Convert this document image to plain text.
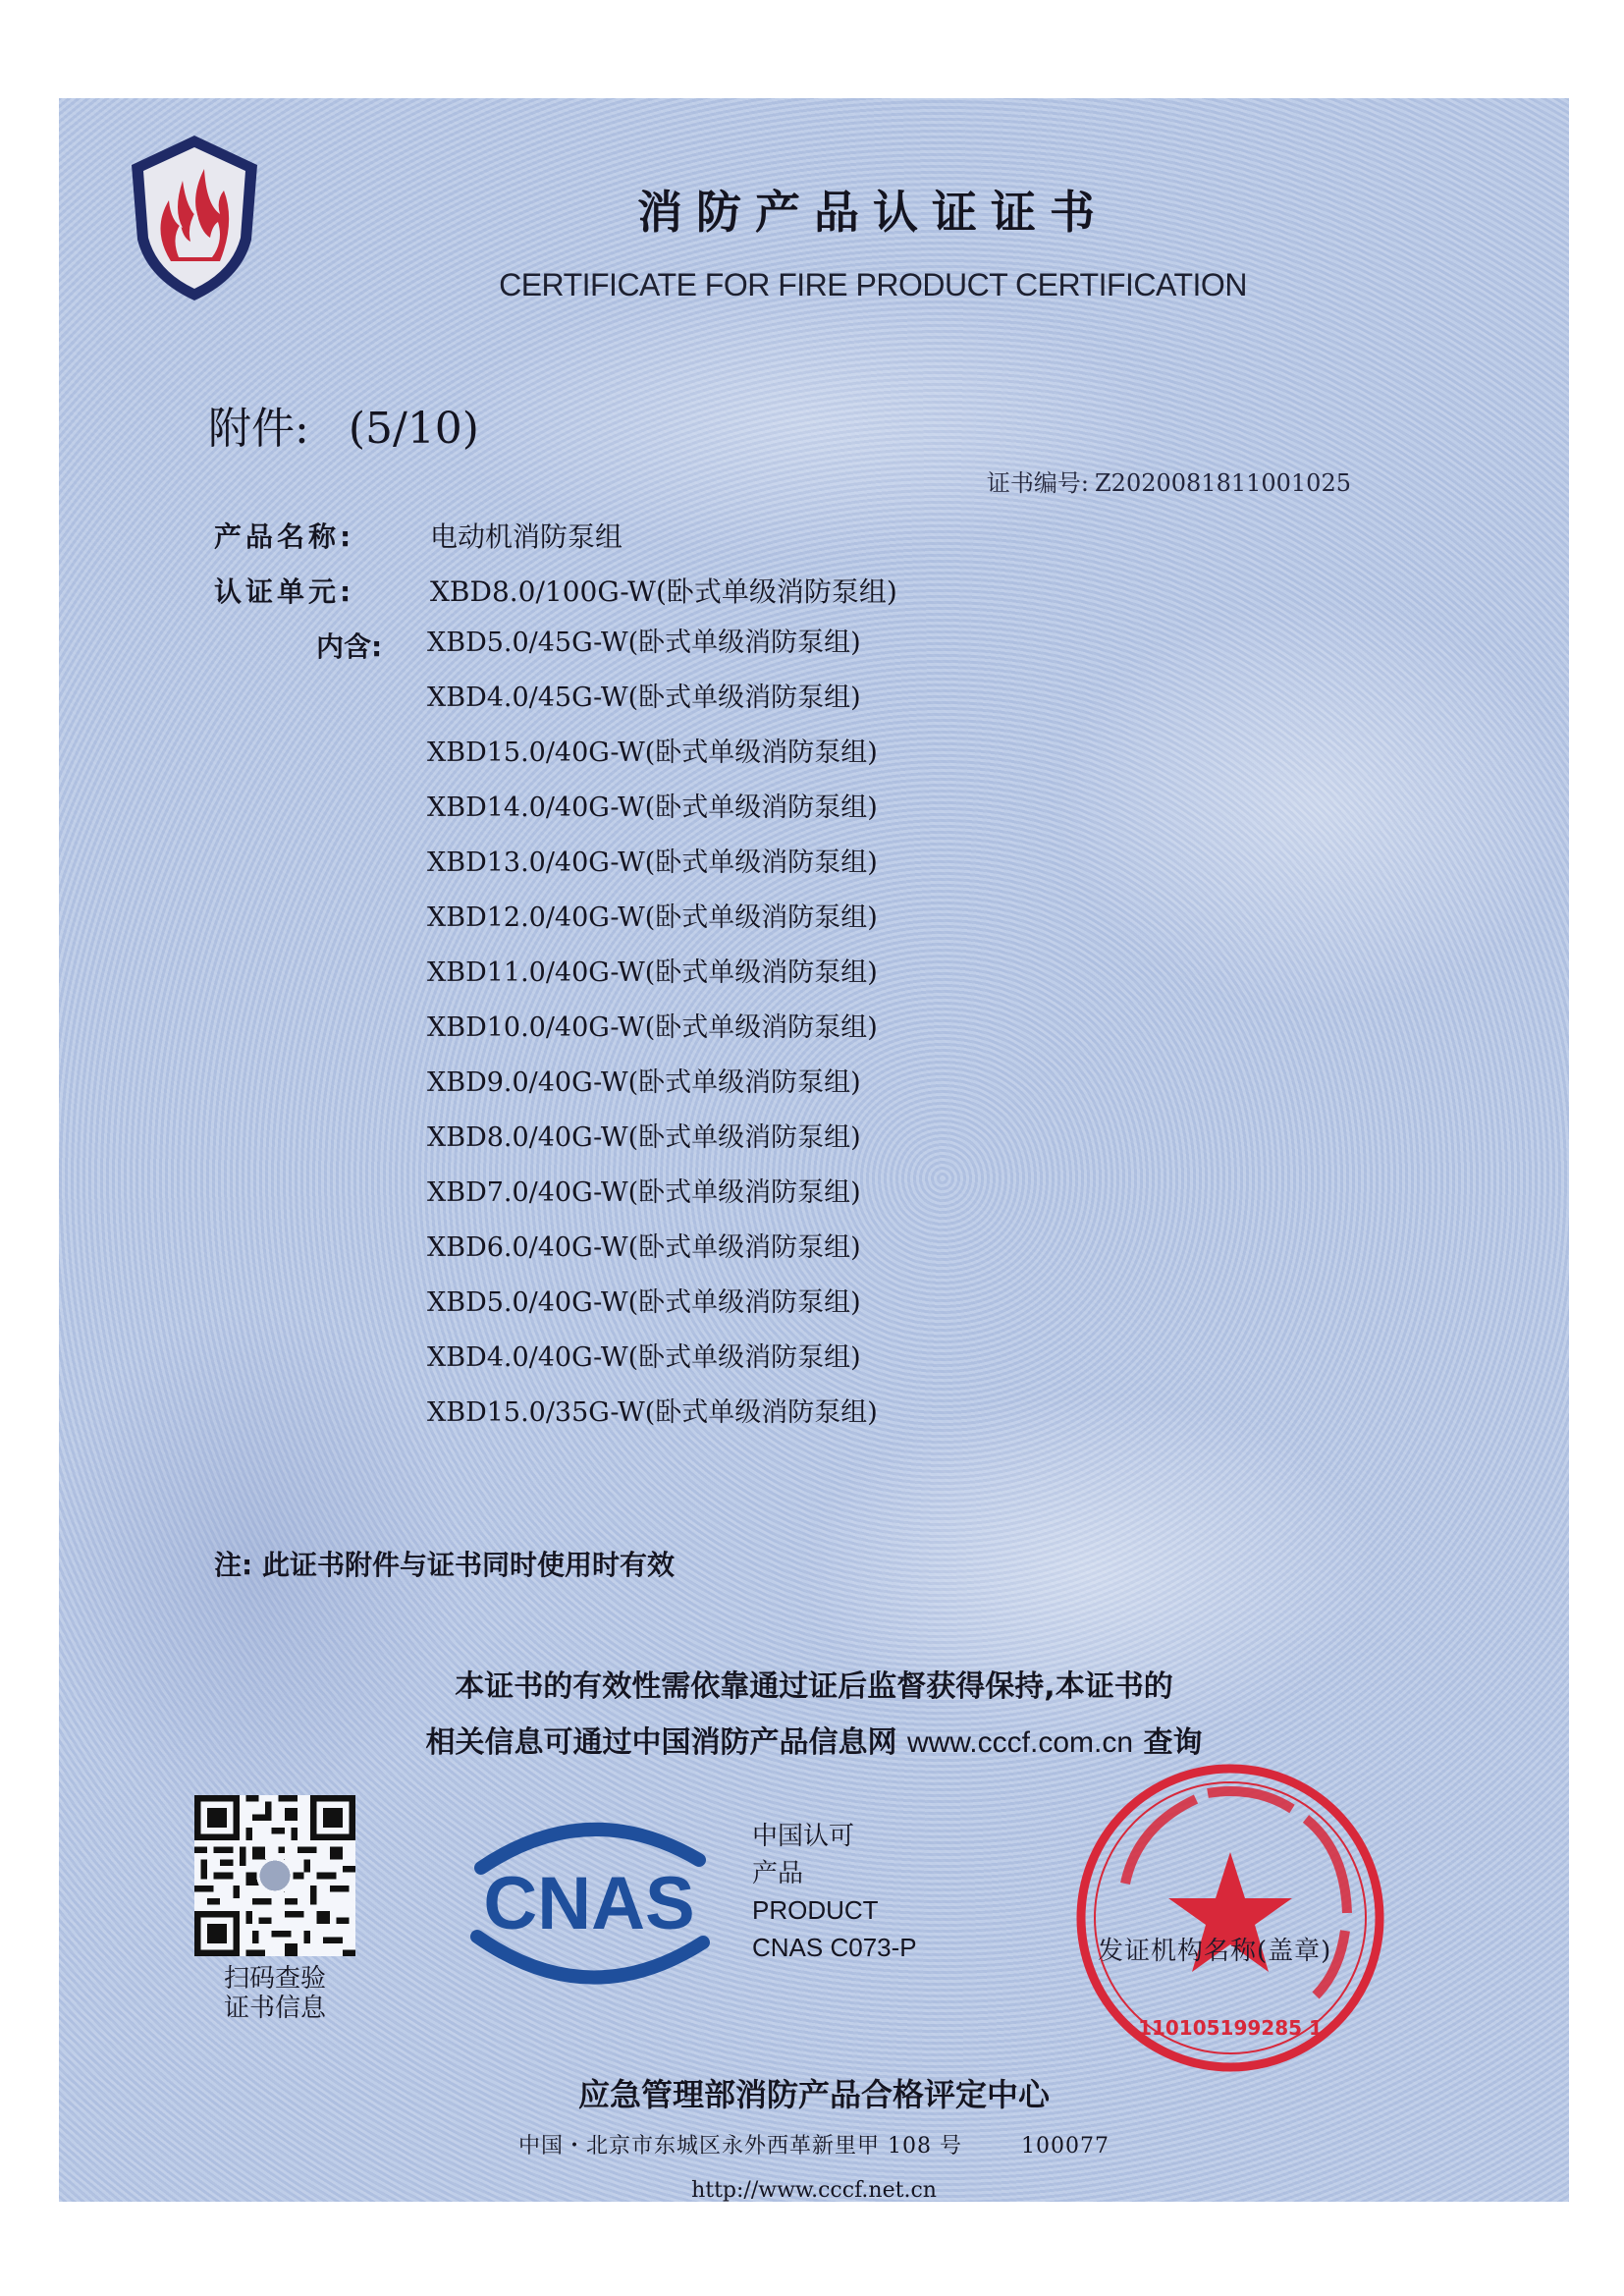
消防产品认证证书
CERTIFICATE FOR FIRE PRODUCT CERTIFICATION
附件: (5/10)
证书编号: Z2020081811001025
产品名称:	电动机消防泵组
认证单元:	XBD8.0/100G-W(卧式单级消防泵组)
内含: XBD5.0/45G-W(卧式单级消防泵组)
XBD4.0/45G-W(卧式单级消防泵组)
XBD15.0/40G-W(卧式单级消防泵组)
XBD14.0/40G-W(卧式单级消防泵组)
XBD13.0/40G-W(卧式单级消防泵组)
XBD12.0/40G-W(卧式单级消防泵组)
XBD11.0/40G-W(卧式单级消防泵组)
XBD10.0/40G-W(卧式单级消防泵组)
XBD9.0/40G-W(卧式单级消防泵组)
XBD8.0/40G-W(卧式单级消防泵组)
XBD7.0/40G-W(卧式单级消防泵组)
XBD6.0/40G-W(卧式单级消防泵组)
XBD5.0/40G-W(卧式单级消防泵组)
XBD4.0/40G-W(卧式单级消防泵组)
XBD15.0/35G-W(卧式单级消防泵组)
注: 此证书附件与证书同时使用时有效
本证书的有效性需依靠通过证后监督获得保持,本证书的
相关信息可通过中国消防产品信息网 www.cccf.com.cn 查询
扫码查验
证书信息
CNAS
中国认可
产品
PRODUCT
CNAS C073-P
110105199285 1
发证机构名称(盖章)
应急管理部消防产品合格评定中心
中国・北京市东城区永外西革新里甲 108 号	100077
http://www.cccf.net.cn
